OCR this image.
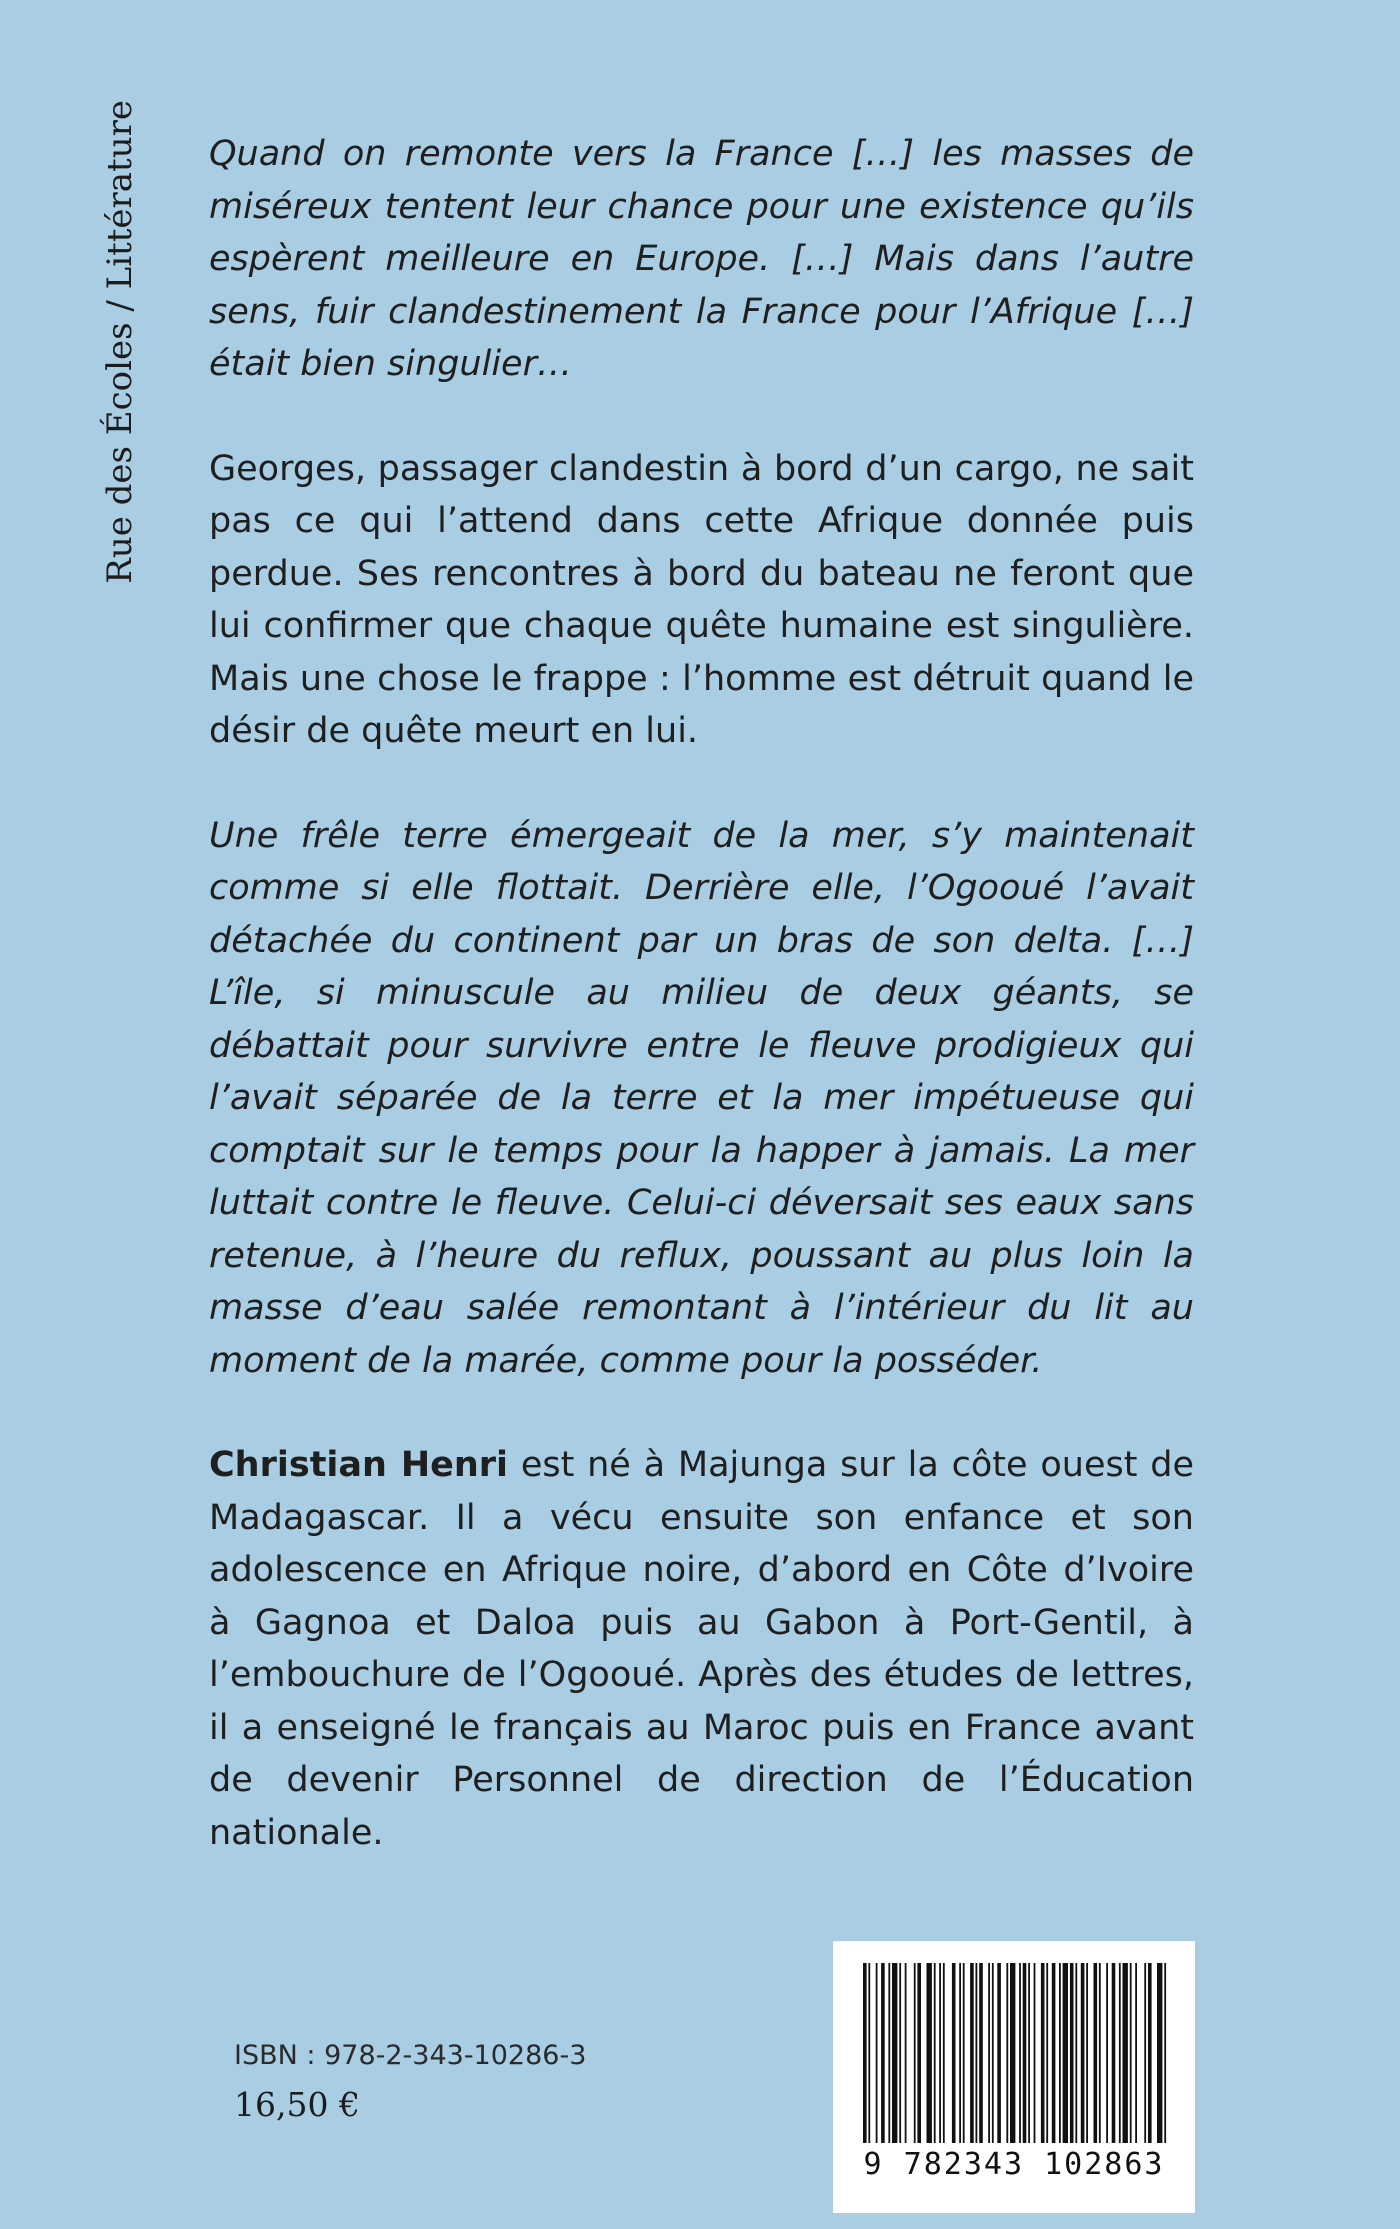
Rue des Écoles / Littérature Quand on remonte vers la France […] les masses de miséreux tentent leur chance pour une existence qu’ils espèrent meilleure en Europe. […] Mais dans l’autre sens, fuir clandestinement la France pour l’Afrique […] était bien singulier…

Georges, passager clandestin à bord d’un cargo, ne sait pas ce qui l’attend dans cette Afrique donnée puis perdue. Ses rencontres à bord du bateau ne feront que lui confirmer que chaque quête humaine est singulière. Mais une chose le frappe : l’homme est détruit quand le désir de quête meurt en lui.

Une frêle terre émergeait de la mer, s’y maintenait comme si elle flottait. Derrière elle, l’Ogooué l’avait détachée du continent par un bras de son delta. […] L’île, si minuscule au milieu de deux géants, se débattait pour survivre entre le fleuve prodigieux qui l’avait séparée de la terre et la mer impétueuse qui comptait sur le temps pour la happer à jamais. La mer luttait contre le fleuve. Celui-ci déversait ses eaux sans retenue, à l’heure du reflux, poussant au plus loin la masse d’eau salée remontant à l’intérieur du lit au moment de la marée, comme pour la posséder.

Christian Henri est né à Majunga sur la côte ouest de Madagascar. Il a vécu ensuite son enfance et son adolescence en Afrique noire, d’abord en Côte d’Ivoire à Gagnoa et Daloa puis au Gabon à Port-Gentil, à l’embouchure de l’Ogooué. Après des études de lettres, il a enseigné le français au Maroc puis en France avant de devenir Personnel de direction de l’Éducation nationale.

ISBN : 978-2-343-10286-3
16,50 €
9 782343 102863
